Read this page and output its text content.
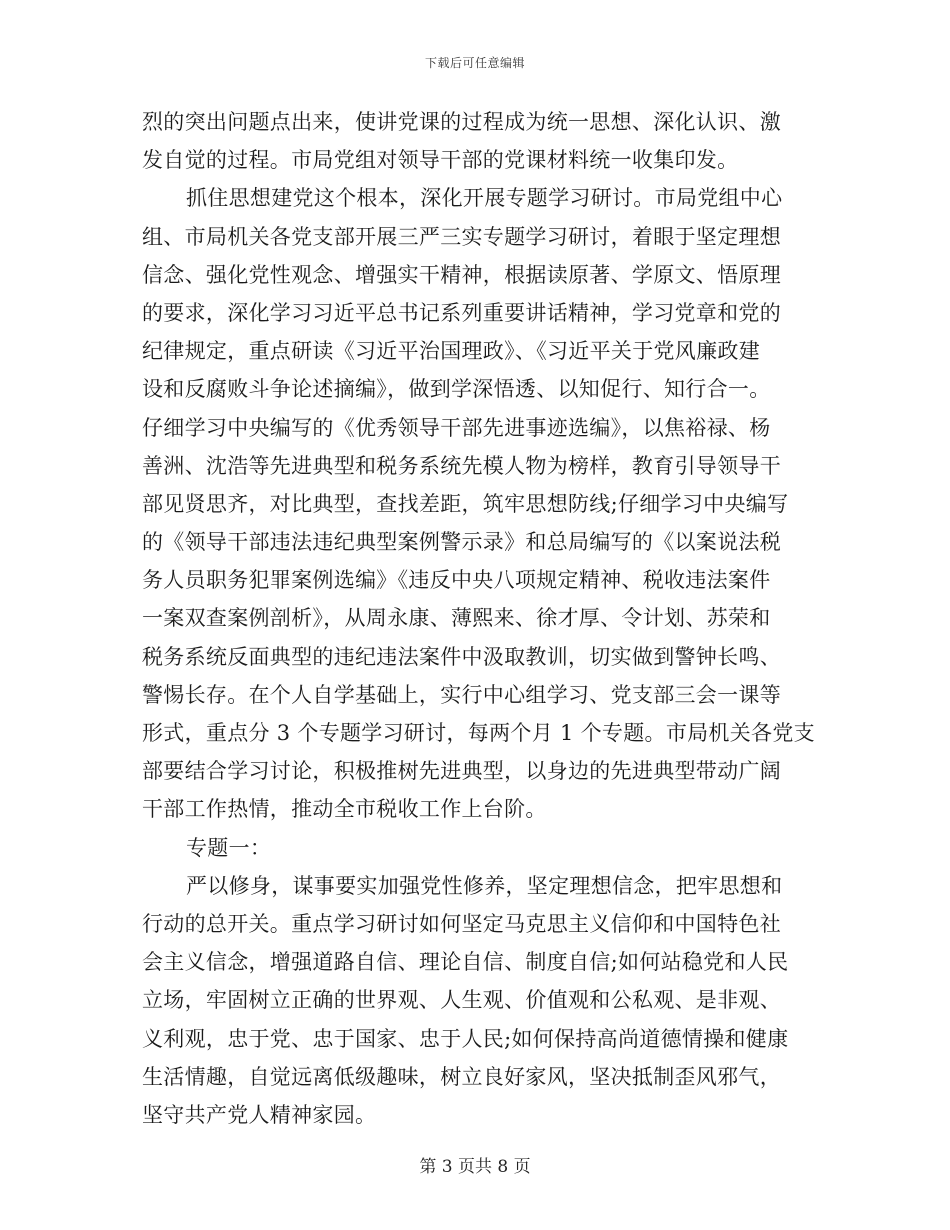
下载后可任意编辑
烈的突出问题点出来，使讲党课的过程成为统一思想、深化认识、激
发自觉的过程。市局党组对领导干部的党课材料统一收集印发。
抓住思想建党这个根本，深化开展专题学习研讨。市局党组中心
组、市局机关各党支部开展三严三实专题学习研讨，着眼于坚定理想
信念、强化党性观念、增强实干精神，根据读原著、学原文、悟原理
的要求，深化学习习近平总书记系列重要讲话精神，学习党章和党的
纪律规定，重点研读《习近平治国理政》、《习近平关于党风廉政建
设和反腐败斗争论述摘编》，做到学深悟透、以知促行、知行合一。
仔细学习中央编写的《优秀领导干部先进事迹选编》，以焦裕禄、杨
善洲、沈浩等先进典型和税务系统先模人物为榜样，教育引导领导干
部见贤思齐，对比典型，查找差距，筑牢思想防线;仔细学习中央编写
的《领导干部违法违纪典型案例警示录》和总局编写的《以案说法税
务人员职务犯罪案例选编》《违反中央八项规定精神、税收违法案件
一案双查案例剖析》，从周永康、薄熙来、徐才厚、令计划、苏荣和
税务系统反面典型的违纪违法案件中汲取教训，切实做到警钟长鸣、
警惕长存。在个人自学基础上，实行中心组学习、党支部三会一课等
形式，重点分 3 个专题学习研讨，每两个月 1 个专题。市局机关各党支
部要结合学习讨论，积极推树先进典型，以身边的先进典型带动广阔
干部工作热情，推动全市税收工作上台阶。
专题一：
严以修身，谋事要实加强党性修养，坚定理想信念，把牢思想和
行动的总开关。重点学习研讨如何坚定马克思主义信仰和中国特色社
会主义信念，增强道路自信、理论自信、制度自信;如何站稳党和人民
立场，牢固树立正确的世界观、人生观、价值观和公私观、是非观、
义利观，忠于党、忠于国家、忠于人民;如何保持高尚道德情操和健康
生活情趣，自觉远离低级趣味，树立良好家风，坚决抵制歪风邪气，
坚守共产党人精神家园。
第 3 页共 8 页
